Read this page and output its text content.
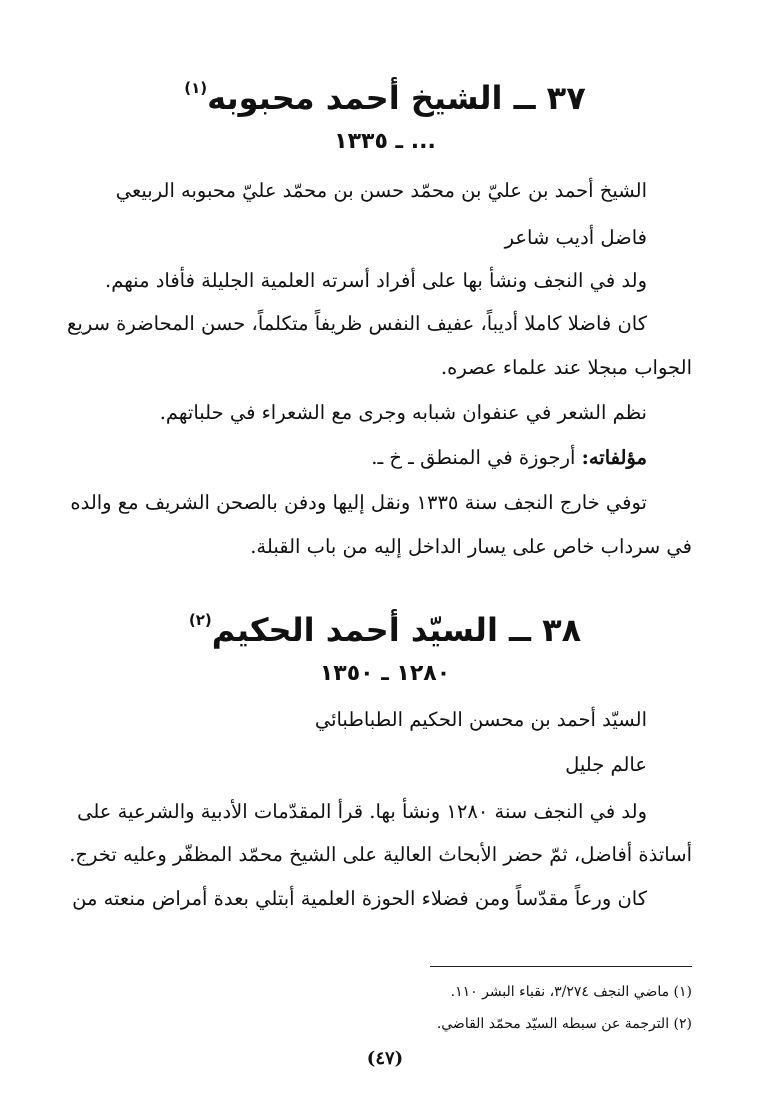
٣٧ ــ الشيخ أحمد محبوبه$^{(١)}$
... ـ ١٣٣٥
الشيخ أحمد بن عليّ بن محمّد حسن بن محمّد عليّ محبوبه الربيعي
فاضل أديب شاعر
ولد في النجف ونشأ بها على أفراد أسرته العلمية الجليلة فأفاد منهم.
كان فاضلا كاملا أديباً، عفيف النفس ظريفاً متكلماً، حسن المحاضرة سريع
الجواب مبجلا عند علماء عصره.
نظم الشعر في عنفوان شبابه وجرى مع الشعراء في حلباتهم.
مؤلفاته: أرجوزة في المنطق ـ خ ـ.
توفي خارج النجف سنة ١٣٣٥ ونقل إليها ودفن بالصحن الشريف مع والده
في سرداب خاص على يسار الداخل إليه من باب القبلة.
٣٨ ــ السيّد أحمد الحكيم$^{(٢)}$
١٢٨٠ ـ ١٣٥٠
السيّد أحمد بن محسن الحكيم الطباطبائي
عالم جليل
ولد في النجف سنة ١٢٨٠ ونشأ بها. قرأ المقدّمات الأدبية والشرعية على
أساتذة أفاضل، ثمّ حضر الأبحاث العالية على الشيخ محمّد المظفّر وعليه تخرج.
كان ورعاً مقدّساً ومن فضلاء الحوزة العلمية أبتلي بعدة أمراض منعته من
(١) ماضي النجف ٣/٢٧٤، نقباء البشر ١١٠.
(٢) الترجمة عن سبطه السيّد محمّد القاضي.
(٤٧)
